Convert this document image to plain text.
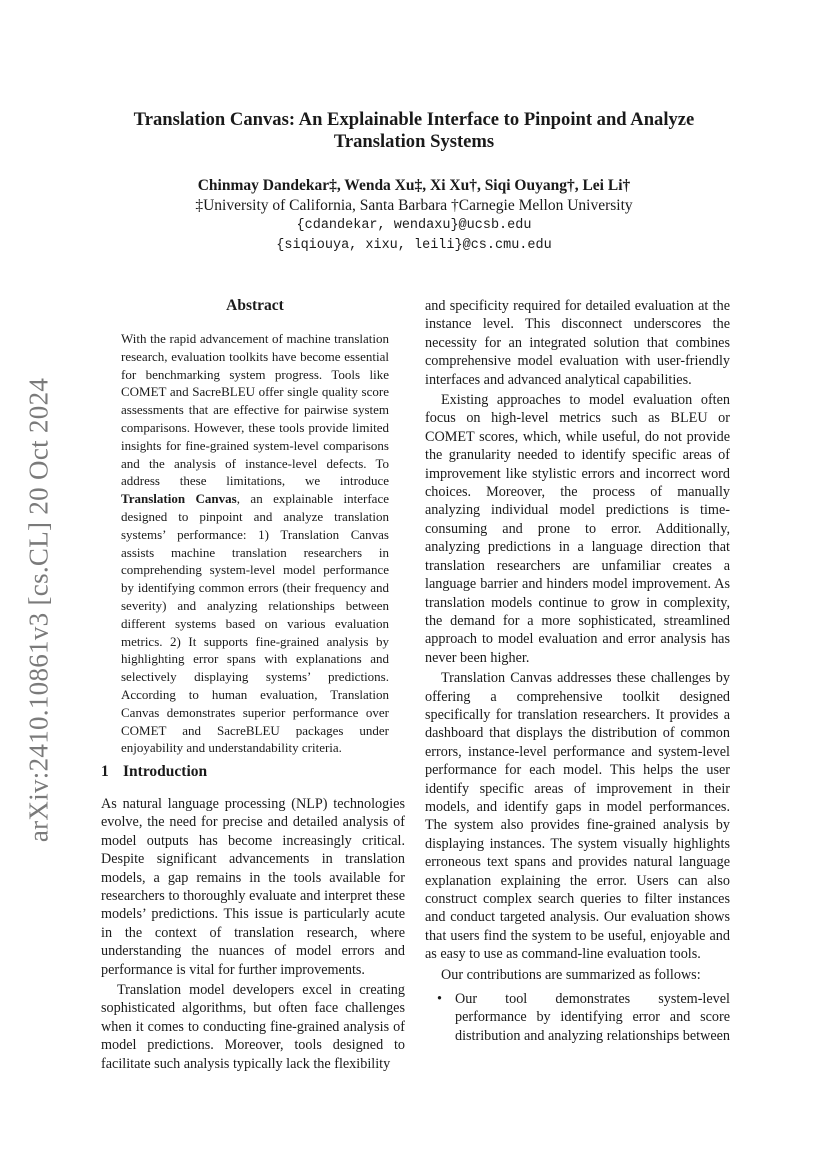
arXiv:2410.10861v3 [cs.CL] 20 Oct 2024
Translation Canvas: An Explainable Interface to Pinpoint and Analyze
Translation Systems
Chinmay Dandekar‡, Wenda Xu‡, Xi Xu†, Siqi Ouyang†, Lei Li†
‡University of California, Santa Barbara †Carnegie Mellon University
{cdandekar, wendaxu}@ucsb.edu
{siqiouya, xixu, leili}@cs.cmu.edu
Abstract

With the rapid advancement of machine translation research, evaluation toolkits have become essential for benchmarking system progress. Tools like COMET and SacreBLEU offer single quality score assessments that are effective for pairwise system comparisons. However, these tools provide limited insights for fine-grained system-level comparisons and the analysis of instance-level defects. To address these limitations, we introduce Translation Canvas, an explainable interface designed to pinpoint and analyze translation systems’ performance: 1) Translation Canvas assists machine translation researchers in comprehending system-level model performance by identifying common errors (their frequency and severity) and analyzing relationships between different systems based on various evaluation metrics. 2) It supports fine-grained analysis by highlighting error spans with explanations and selectively displaying systems’ predictions. According to human evaluation, Translation Canvas demonstrates superior performance over COMET and SacreBLEU packages under enjoyability and understandability criteria.

1 Introduction

As natural language processing (NLP) technologies evolve, the need for precise and detailed analysis of model outputs has become increasingly critical. Despite significant advancements in translation models, a gap remains in the tools available for researchers to thoroughly evaluate and interpret these models’ predictions. This issue is particularly acute in the context of translation research, where understanding the nuances of model errors and performance is vital for further improvements.

Translation model developers excel in creating sophisticated algorithms, but often face challenges when it comes to conducting fine-grained analysis of model predictions. Moreover, tools designed to facilitate such analysis typically lack the flexibility

and specificity required for detailed evaluation at the instance level. This disconnect underscores the necessity for an integrated solution that combines comprehensive model evaluation with user-friendly interfaces and advanced analytical capabilities.

Existing approaches to model evaluation often focus on high-level metrics such as BLEU or COMET scores, which, while useful, do not provide the granularity needed to identify specific areas of improvement like stylistic errors and incorrect word choices. Moreover, the process of manually analyzing individual model predictions is time-consuming and prone to error. Additionally, analyzing predictions in a language direction that translation researchers are unfamiliar creates a language barrier and hinders model improvement. As translation models continue to grow in complexity, the demand for a more sophisticated, streamlined approach to model evaluation and error analysis has never been higher.

Translation Canvas addresses these challenges by offering a comprehensive toolkit designed specifically for translation researchers. It provides a dashboard that displays the distribution of common errors, instance-level performance and system-level performance for each model. This helps the user identify specific areas of improvement in their models, and identify gaps in model performances. The system also provides fine-grained analysis by displaying instances. The system visually highlights erroneous text spans and provides natural language explanation explaining the error. Users can also construct complex search queries to filter instances and conduct targeted analysis. Our evaluation shows that users find the system to be useful, enjoyable and as easy to use as command-line evaluation tools.

Our contributions are summarized as follows:

• Our tool demonstrates system-level performance by identifying error and score distribution and analyzing relationships between
